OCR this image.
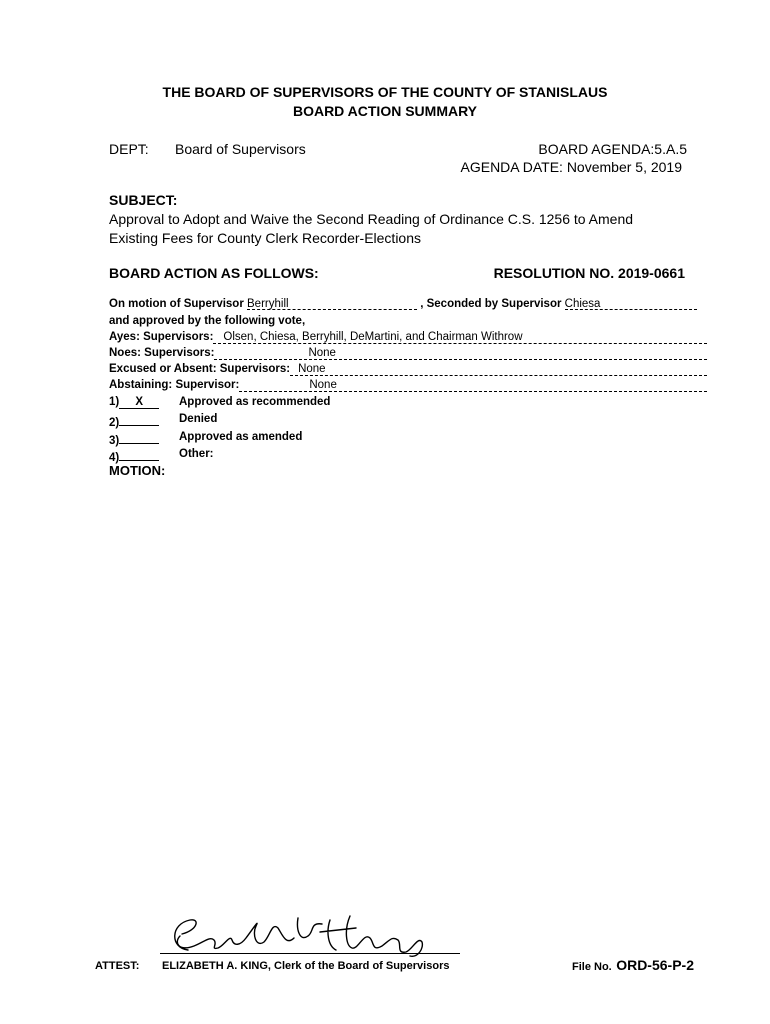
THE BOARD OF SUPERVISORS OF THE COUNTY OF STANISLAUS
BOARD ACTION SUMMARY
DEPT: Board of Supervisors	BOARD AGENDA:5.A.5
AGENDA DATE: November 5, 2019
SUBJECT:
Approval to Adopt and Waive the Second Reading of Ordinance C.S. 1256 to Amend
Existing Fees for County Clerk Recorder-Elections
BOARD ACTION AS FOLLOWS:	RESOLUTION NO. 2019-0661
On motion of Supervisor Berryhill	, Seconded by Supervisor Chiesa
and approved by the following vote,
Ayes: Supervisors: Olsen, Chiesa, Berryhill, DeMartini, and Chairman Withrow
Noes: Supervisors:	None
Excused or Absent: Supervisors: None
Abstaining: Supervisor:	None
1) X	Approved as recommended
2)	Denied
3)	Approved as amended
4)	Other:
MOTION:
ATTEST: ELIZABETH A. KING, Clerk of the Board of Supervisors	File No. ORD-56-P-2
